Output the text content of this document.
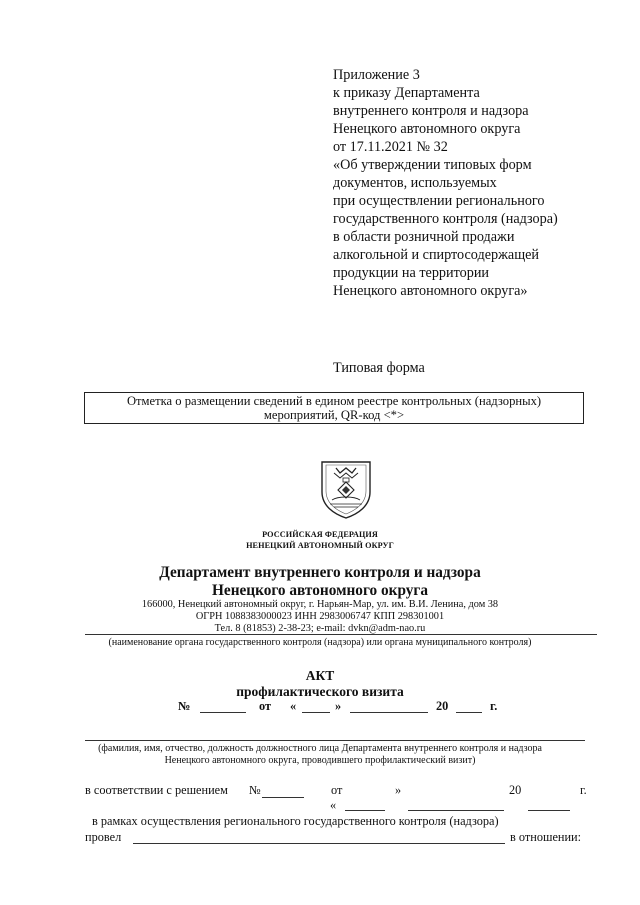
Приложение 3
к приказу Департамента
внутреннего контроля и надзора
Ненецкого автономного округа
от 17.11.2021 № 32
«Об утверждении типовых форм
документов, используемых
при осуществлении регионального
государственного контроля (надзора)
в области розничной продажи
алкогольной и спиртосодержащей
продукции на территории
Ненецкого автономного округа»
Типовая форма
Отметка о размещении сведений в едином реестре контрольных (надзорных)
мероприятий, QR-код <*>
РОССИЙСКАЯ ФЕДЕРАЦИЯ
НЕНЕЦКИЙ АВТОНОМНЫЙ ОКРУГ
Департамент внутреннего контроля и надзора
Ненецкого автономного округа
166000, Ненецкий автономный округ, г. Нарьян-Мар, ул. им. В.И. Ленина, дом 38
ОГРН 1088383000023 ИНН 2983006747 КПП 298301001
Тел. 8 (81853) 2-38-23; e-mail: dvkn@adm-nao.ru
(наименование органа государственного контроля (надзора) или органа муниципального контроля)
АКТ
профилактического визита
№	от «	»	20	г.
(фамилия, имя, отчество, должность должностного лица Департамента внутреннего контроля и надзора
Ненецкого автономного округа, проводившего профилактический визит)
в соответствии с решением №	от	»	20	г.
«
в рамках осуществления регионального государственного контроля (надзора)
провел	в отношении:
